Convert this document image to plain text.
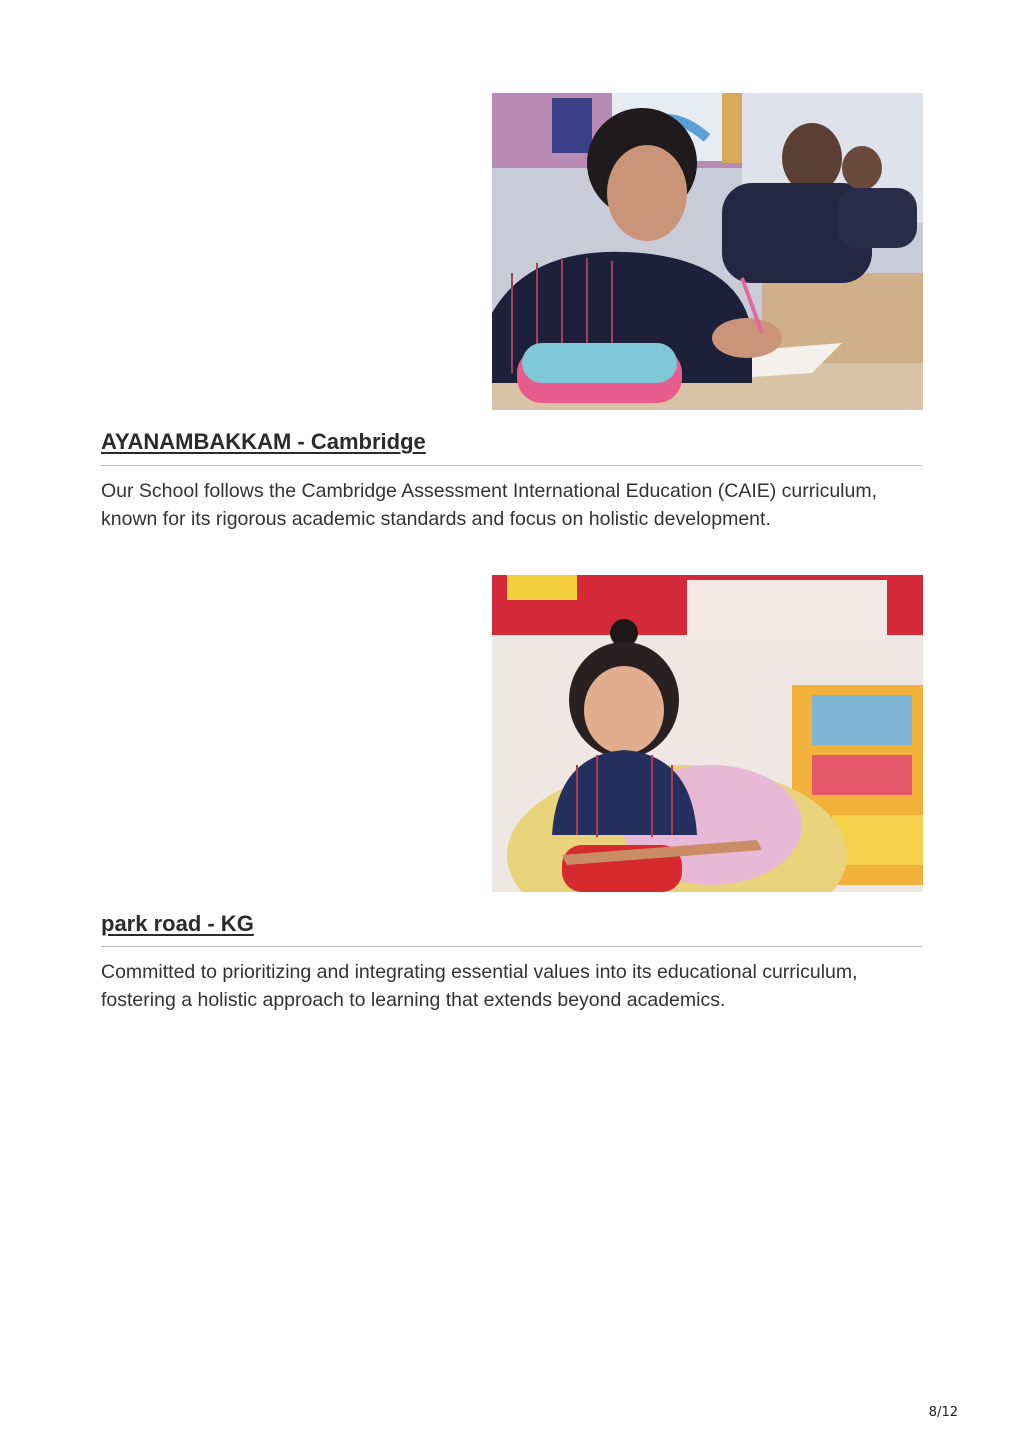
AYANAMBAKKAM - Cambridge

Our School follows the Cambridge Assessment International Education (CAIE) curriculum, known for its rigorous academic standards and focus on holistic development.

park road - KG

Committed to prioritizing and integrating essential values into its educational curriculum, fostering a holistic approach to learning that extends beyond academics.

8/12
